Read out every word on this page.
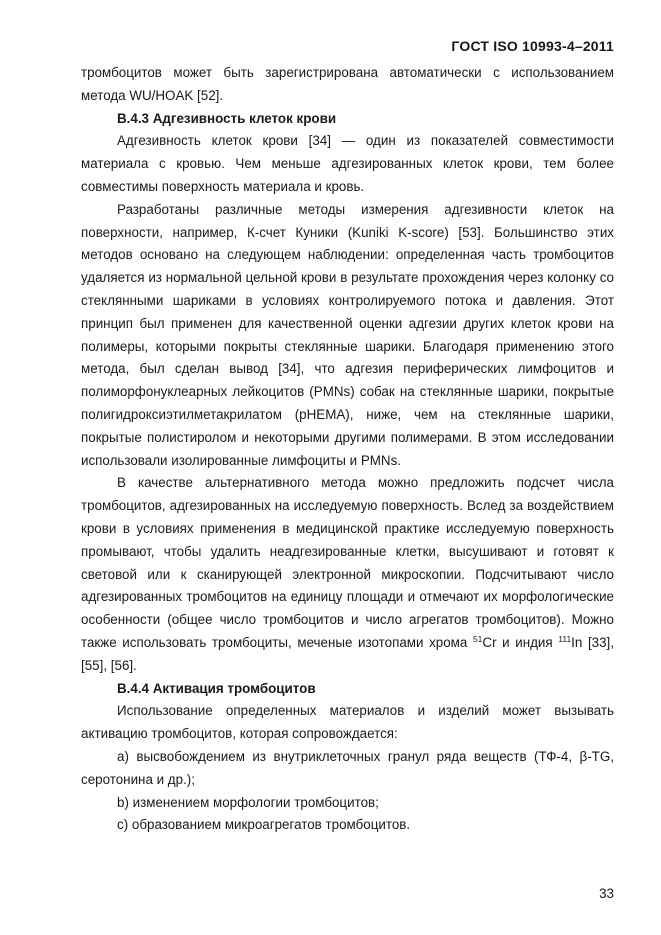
ГОСТ ISO 10993-4–2011

тромбоцитов может быть зарегистрирована автоматически с использованием метода WU/HOAK [52].

В.4.3 Адгезивность клеток крови

Адгезивность клеток крови [34] — один из показателей совместимости материала с кровью. Чем меньше адгезированных клеток крови, тем более совместимы поверхность материала и кровь.

Разработаны различные методы измерения адгезивности клеток на поверхности, например, К-счет Куники (Kuniki K-score) [53]. Большинство этих методов основано на следующем наблюдении: определенная часть тромбоцитов удаляется из нормальной цельной крови в результате прохождения через колонку со стеклянными шариками в условиях контролируемого потока и давления. Этот принцип был применен для качественной оценки адгезии других клеток крови на полимеры, которыми покрыты стеклянные шарики. Благодаря применению этого метода, был сделан вывод [34], что адгезия периферических лимфоцитов и полиморфонуклеарных лейкоцитов (PMNs) собак на стеклянные шарики, покрытые полигидроксиэтилметакрилатом (pHEMA), ниже, чем на стеклянные шарики, покрытые полистиролом и некоторыми другими полимерами. В этом исследовании использовали изолированные лимфоциты и PMNs.

В качестве альтернативного метода можно предложить подсчет числа тромбоцитов, адгезированных на исследуемую поверхность. Вслед за воздействием крови в условиях применения в медицинской практике исследуемую поверхность промывают, чтобы удалить неадгезированные клетки, высушивают и готовят к световой или к сканирующей электронной микроскопии. Подсчитывают число адгезированных тромбоцитов на единицу площади и отмечают их морфологические особенности (общее число тромбоцитов и число агрегатов тромбоцитов). Можно также использовать тромбоциты, меченые изотопами хрома $^{51}$Cr и индия $^{111}$In [33], [55], [56].

В.4.4 Активация тромбоцитов

Использование определенных материалов и изделий может вызывать активацию тромбоцитов, которая сопровождается:

а) высвобождением из внутриклеточных гранул ряда веществ (ТФ-4, β-TG, серотонина и др.);

b) изменением морфологии тромбоцитов;

c) образованием микроагрегатов тромбоцитов.

33
